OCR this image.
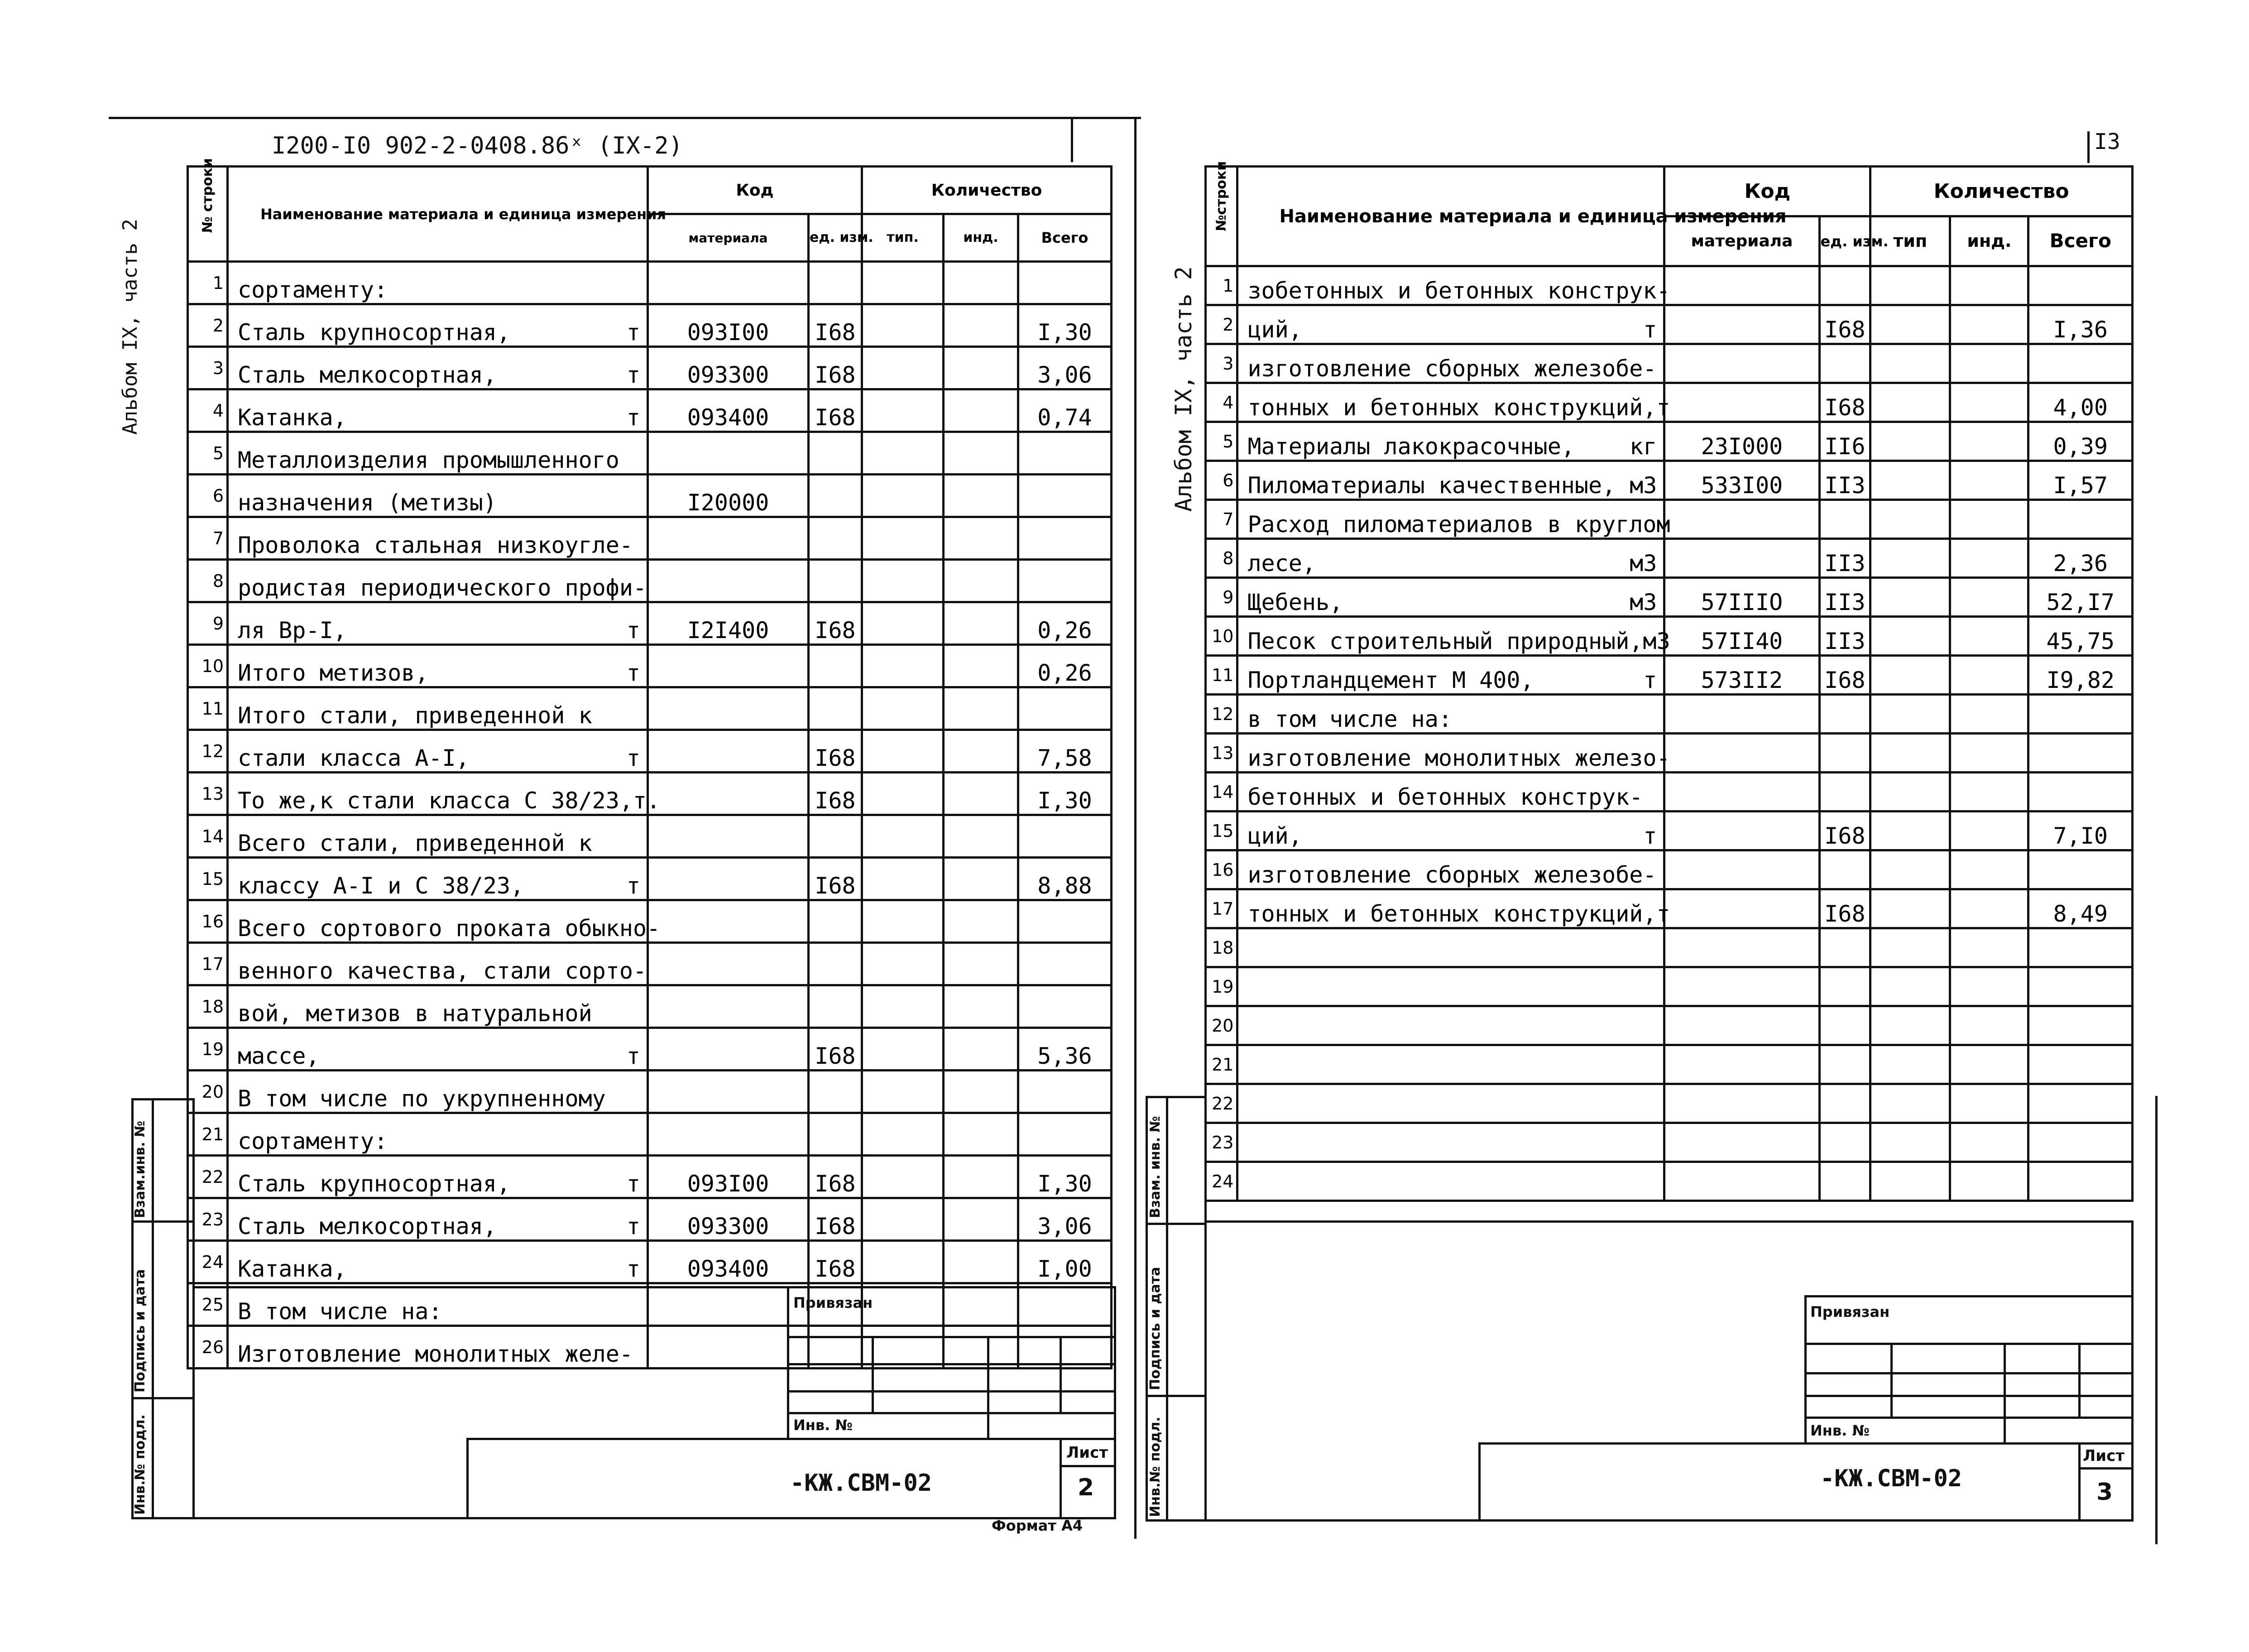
I200-I0 902-2-0408.86ˣ (IX-2)
Альбом IX, часть 2
№ строки	Наименование материала и единица измерения	Код		Количество		
		материала	ед. изм.	тип.	инд.	Всего
1	сортаменту:

2	Сталь крупносортная, т	093I00	I68			I,30
3	Сталь мелкосортная, т	093300	I68			3,06
4	Катанка, т	093400	I68			0,74
5	Металлоизделия промышленного

6	назначения (метизы)	I20000				
7	Проволока стальная низкоугле-

8	родистая периодического профи-

9	ля Вр-I, т	I2I400	I68			0,26
10	Итого метизов, т					0,26
11	Итого стали, приведенной к

12	стали класса А-I, т		I68			7,58
13	То же,к стали класса С 38/23,т.		I68			I,30
14	Всего стали, приведенной к

15	классу А-I и С 38/23, т		I68			8,88
16	Всего сортового проката обыкно-

17	венного качества, стали сорто-

18	вой, метизов в натуральной

19	массе, т		I68			5,36
20	В том числе по укрупненному

21	сортаменту:

22	Сталь крупносортная, т	093I00	I68			I,30
23	Сталь мелкосортная, т	093300	I68			3,06
24	Катанка, т	093400	I68			I,00
25	В том числе на:

26	Изготовление монолитных желе-

Взам.инв. №
Подпись и дата
Инв.№ подл.
Привязан
Инв. №
-КЖ.СВМ-02
Лист
2
Формат А4
I3
Альбом IX, часть 2
№строки	Наименование материала и единица измерения	Код		Количество		
		материала	ед. изм.	тип	инд.	Всего
1	зобетонных и бетонных конструк-

2	ций, т		I68			I,36
3	изготовление сборных железобе-

4	тонных и бетонных конструкций,т		I68			4,00
5	Материалы лакокрасочные, кг	23I000	II6			0,39
6	Пиломатериалы качественные, м3	533I00	II3			I,57
7	Расход пиломатериалов в круглом

8	лесе, м3		II3			2,36
9	Щебень, м3	57IIIO	II3			52,I7
10	Песок строительный природный,м3	57II40	II3			45,75
11	Портландцемент М 400, т	573II2	I68			I9,82
12	в том числе на:

13	изготовление монолитных железо-

14	бетонных и бетонных конструк-

15	ций, т		I68			7,I0
16	изготовление сборных железобе-

17	тонных и бетонных конструкций,т		I68			8,49
18	

19	

20	

21	

22	

23	

24	

Взам. инв. №
Подпись и дата
Инв.№ подл.
Привязан
Инв. №
-КЖ.СВМ-02
Лист
3
